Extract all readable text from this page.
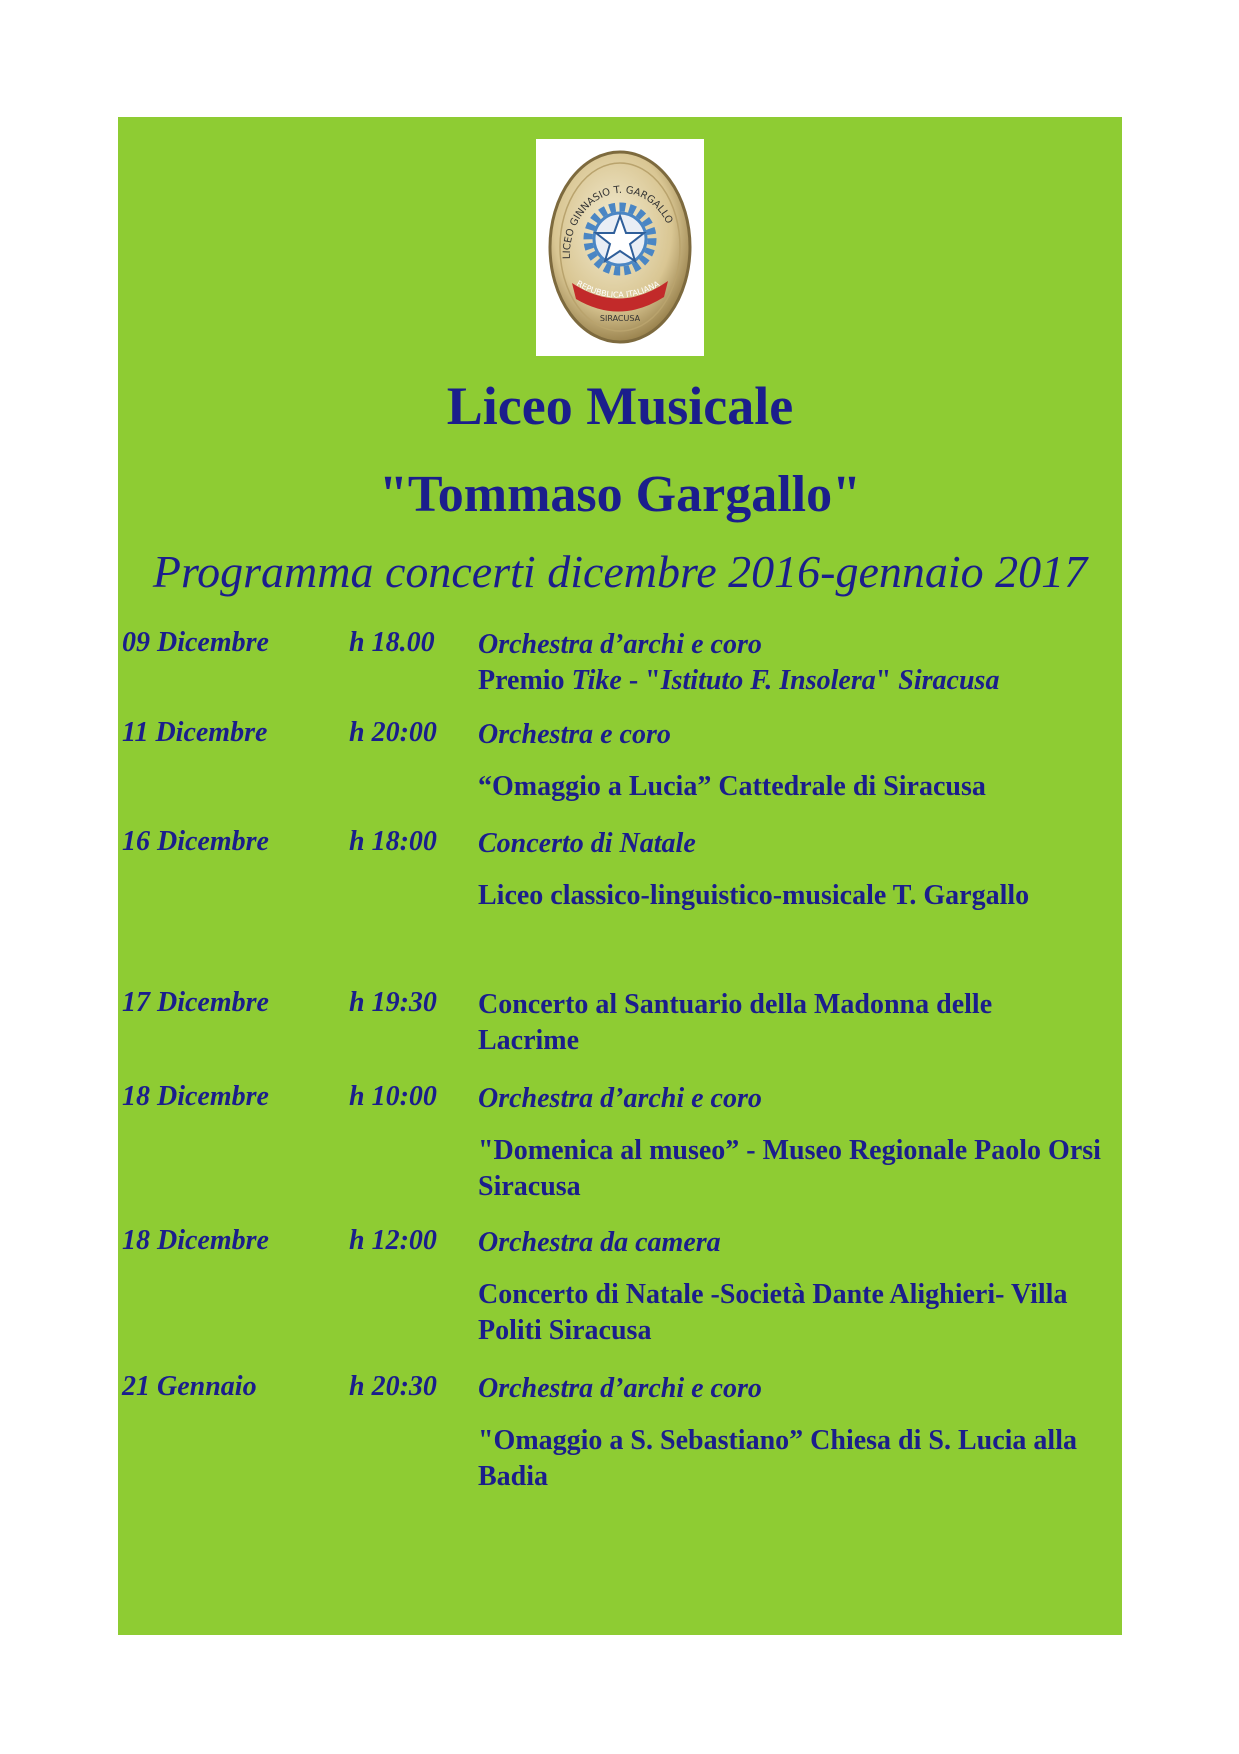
LICEO GINNASIO T. GARGALLO
REPUBBLICA ITALIANA
SIRACUSA
Liceo Musicale
"Tommaso Gargallo"
Programma concerti dicembre 2016-gennaio 2017
09 Dicembre	h 18.00 Orchestra d’archi e coro
Premio Tike - "Istituto F. Insolera" Siracusa
11 Dicembre	h 20:00 Orchestra e coro
“Omaggio a Lucia” Cattedrale di Siracusa
16 Dicembre	h 18:00 Concerto di Natale
Liceo classico-linguistico-musicale T. Gargallo
17 Dicembre	h 19:30 Concerto al Santuario della Madonna delle Lacrime
18 Dicembre	h 10:00 Orchestra d’archi e coro
"Domenica al museo” - Museo Regionale Paolo Orsi Siracusa
18 Dicembre	h 12:00 Orchestra da camera
Concerto di Natale -Società Dante Alighieri- Villa Politi Siracusa
21 Gennaio	h 20:30 Orchestra d’archi e coro
"Omaggio a S. Sebastiano” Chiesa di S. Lucia alla Badia
